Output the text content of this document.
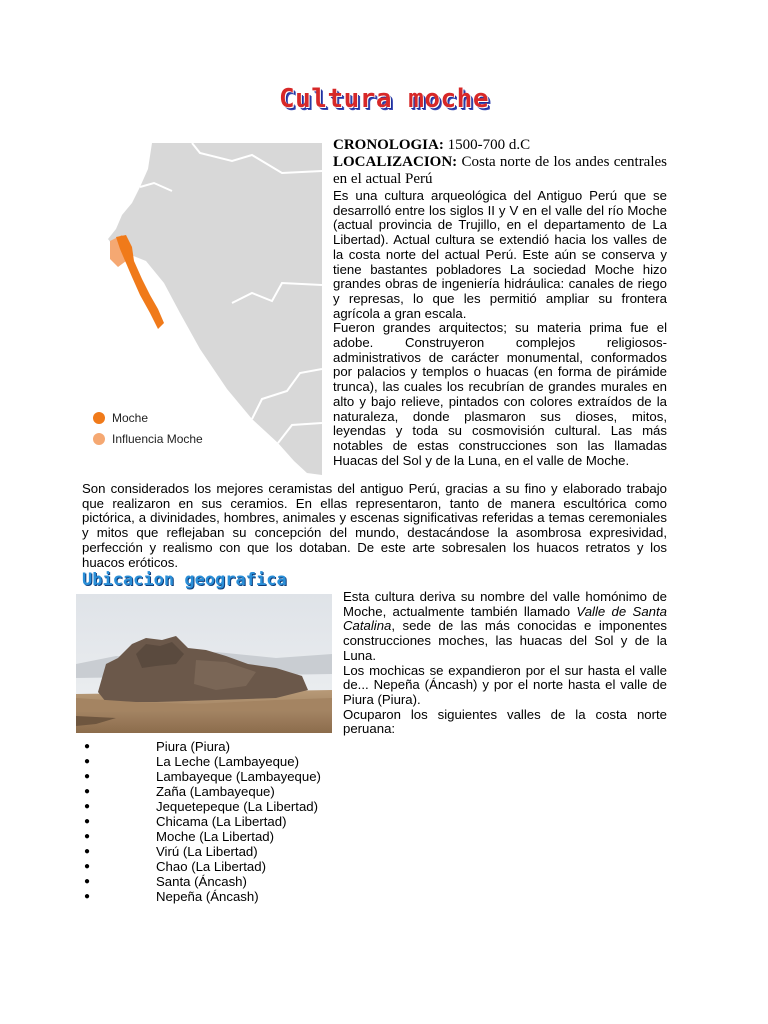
Cultura moche
Moche
Influencia Moche
CRONOLOGIA: 1500-700 d.C
LOCALIZACION: Costa norte de los andes centrales en el actual Perú
Es una cultura arqueológica del Antiguo Perú que se desarrolló entre los siglos II y V en el valle del río Moche (actual provincia de Trujillo, en el departamento de La Libertad). Actual cultura se extendió hacia los valles de la costa norte del actual Perú. Este aún se conserva y tiene bastantes pobladores La sociedad Moche hizo grandes obras de ingeniería hidráulica: canales de riego y represas, lo que les permitió ampliar su frontera agrícola a gran escala.
Fueron grandes arquitectos; su materia prima fue el adobe. Construyeron complejos religiosos-administrativos de carácter monumental, conformados por palacios y templos o huacas (en forma de pirámide trunca), las cuales los recubrían de grandes murales en alto y bajo relieve, pintados con colores extraídos de la naturaleza, donde plasmaron sus dioses, mitos, leyendas y toda su cosmovisión cultural. Las más notables de estas construcciones son las llamadas Huacas del Sol y de la Luna, en el valle de Moche.
Son considerados los mejores ceramistas del antiguo Perú, gracias a su fino y elaborado trabajo que realizaron en sus ceramios. En ellas representaron, tanto de manera escultórica como pictórica, a divinidades, hombres, animales y escenas significativas referidas a temas ceremoniales y mitos que reflejaban su concepción del mundo, destacándose la asombrosa expresividad, perfección y realismo con que los dotaban. De este arte sobresalen los huacos retratos y los huacos eróticos.
Ubicacion geografica
Esta cultura deriva su nombre del valle homónimo de Moche, actualmente también llamado Valle de Santa Catalina, sede de las más conocidas e imponentes construcciones moches, las huacas del Sol y de la Luna.
Los mochicas se expandieron por el sur hasta el valle de... Nepeña (Áncash) y por el norte hasta el valle de Piura (Piura).
Ocuparon los siguientes valles de la costa norte peruana:
●	Piura (Piura)
●	La Leche (Lambayeque)
●	Lambayeque (Lambayeque)
●	Zaña (Lambayeque)
●	Jequetepeque (La Libertad)
●	Chicama (La Libertad)
●	Moche (La Libertad)
●	Virú (La Libertad)
●	Chao (La Libertad)
●	Santa (Áncash)
●	Nepeña (Áncash)
